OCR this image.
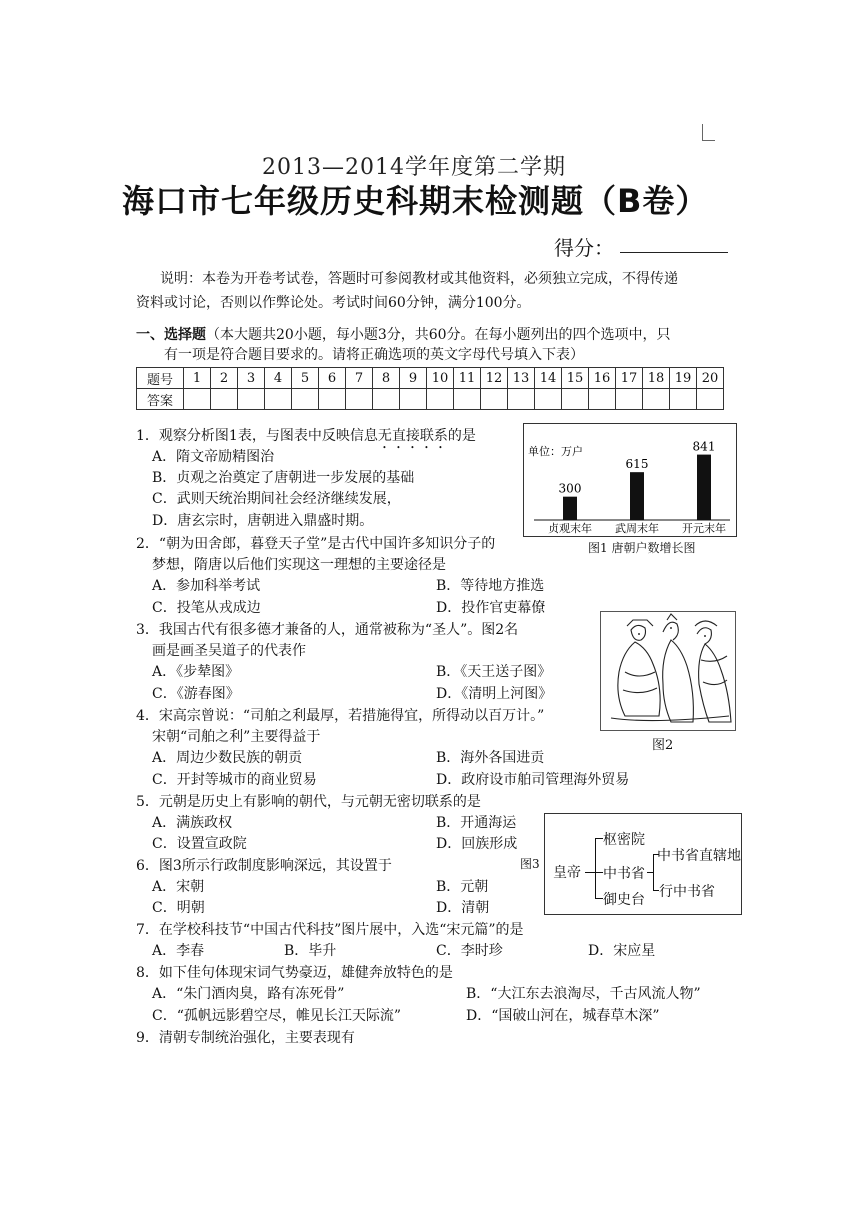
2013—2014学年度第二学期
海口市七年级历史科期末检测题（B卷）
得分：
说明：本卷为开卷考试卷，答题时可参阅教材或其他资料，必须独立完成，不得传递
资料或讨论，否则以作弊论处。考试时间60分钟，满分100分。
一、选择题（本大题共20小题，每小题3分，共60分。在每小题列出的四个选项中，只
有一项是符合题目要求的。请将正确选项的英文字母代号填入下表）
题号	1	2	3	4	5	6	7	8	9	10	11	12	13	14	15	16	17	18	19	20
答案																				
1．观察分析图1表，与图表中反映信息无直接联系的是
A．隋文帝励精图治
B．贞观之治奠定了唐朝进一步发展的基础
C．武则天统治期间社会经济继续发展，
D．唐玄宗时，唐朝进入鼎盛时期。
单位：万户
300
贞观末年
615
武周末年
841
开元末年
图1 唐朝户数增长图
2．“朝为田舍郎，暮登天子堂”是古代中国许多知识分子的
梦想，隋唐以后他们实现这一理想的主要途径是
A．参加科举考试	B．等待地方推选
C．投笔从戎成边	D．投作官吏幕僚
3．我国古代有很多德才兼备的人，通常被称为“圣人”。图2名
画是画圣吴道子的代表作
A．《步辇图》	B．《天王送子图》
C．《游春图》	D．《清明上河图》
图2
4．宋高宗曾说：“司舶之利最厚，若措施得宜，所得动以百万计。”
宋朝“司舶之利”主要得益于
A．周边少数民族的朝贡	B．海外各国进贡
C．开封等城市的商业贸易	D．政府设市舶司管理海外贸易
5．元朝是历史上有影响的朝代，与元朝无密切联系的是
A．满族政权	B．开通海运
C．设置宣政院	D．回族形成
6．图3所示行政制度影响深远，其设置于
A．宋朝	B．元朝
C．明朝	D．清朝
图3
皇帝
枢密院
中书省
御史台
中书省直辖地
行中书省
7．在学校科技节“中国古代科技”图片展中，入选“宋元篇”的是
A．李春	B．毕升	C．李时珍	D．宋应星
8．如下佳句体现宋词气势豪迈，雄健奔放特色的是
A．“朱门酒肉臭，路有冻死骨”	B．“大江东去浪淘尽，千古风流人物”
C．“孤帆远影碧空尽，帷见长江天际流”	D．“国破山河在，城春草木深”
9．清朝专制统治强化，主要表现有
